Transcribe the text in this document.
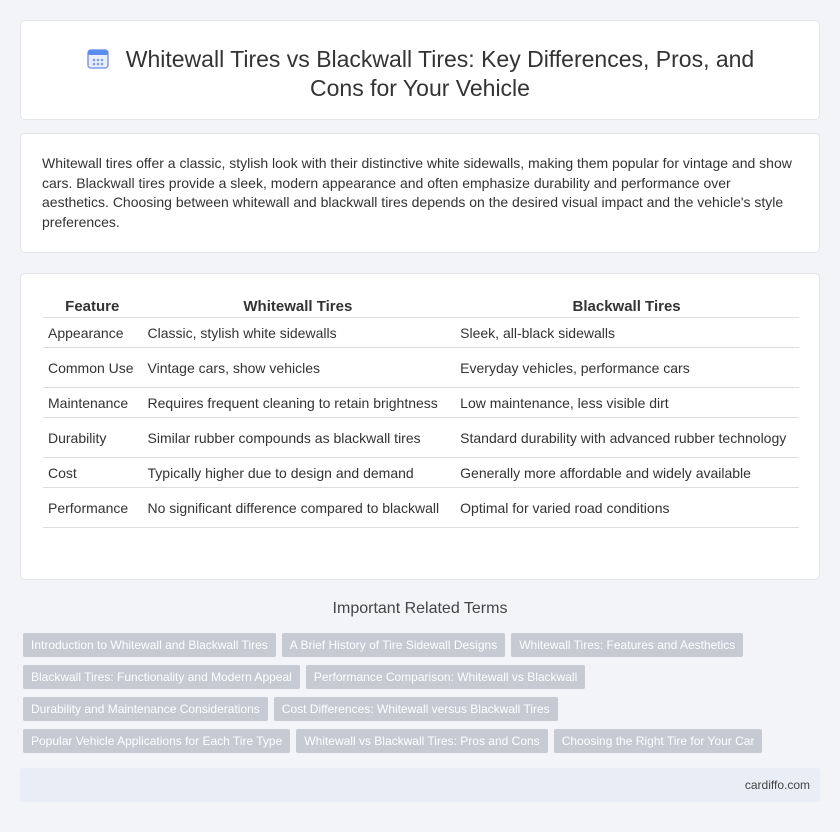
Whitewall Tires vs Blackwall Tires: Key Differences, Pros, and Cons for Your Vehicle

Whitewall tires offer a classic, stylish look with their distinctive white sidewalls, making them popular for vintage and show cars. Blackwall tires provide a sleek, modern appearance and often emphasize durability and performance over aesthetics. Choosing between whitewall and blackwall tires depends on the desired visual impact and the vehicle's style preferences.

Feature	Whitewall Tires	Blackwall Tires
Appearance	Classic, stylish white sidewalls	Sleek, all-black sidewalls
Common Use	Vintage cars, show vehicles	Everyday vehicles, performance cars
Maintenance	Requires frequent cleaning to retain brightness	Low maintenance, less visible dirt
Durability	Similar rubber compounds as blackwall tires	Standard durability with advanced rubber technology
Cost	Typically higher due to design and demand	Generally more affordable and widely available
Performance	No significant difference compared to blackwall	Optimal for varied road conditions
Important Related Terms
Introduction to Whitewall and Blackwall Tires	A Brief History of Tire Sidewall Designs	Whitewall Tires: Features and Aesthetics
Blackwall Tires: Functionality and Modern Appeal	Performance Comparison: Whitewall vs Blackwall
Durability and Maintenance Considerations	Cost Differences: Whitewall versus Blackwall Tires
Popular Vehicle Applications for Each Tire Type	Whitewall vs Blackwall Tires: Pros and Cons	Choosing the Right Tire for Your Car
cardiffo.com
